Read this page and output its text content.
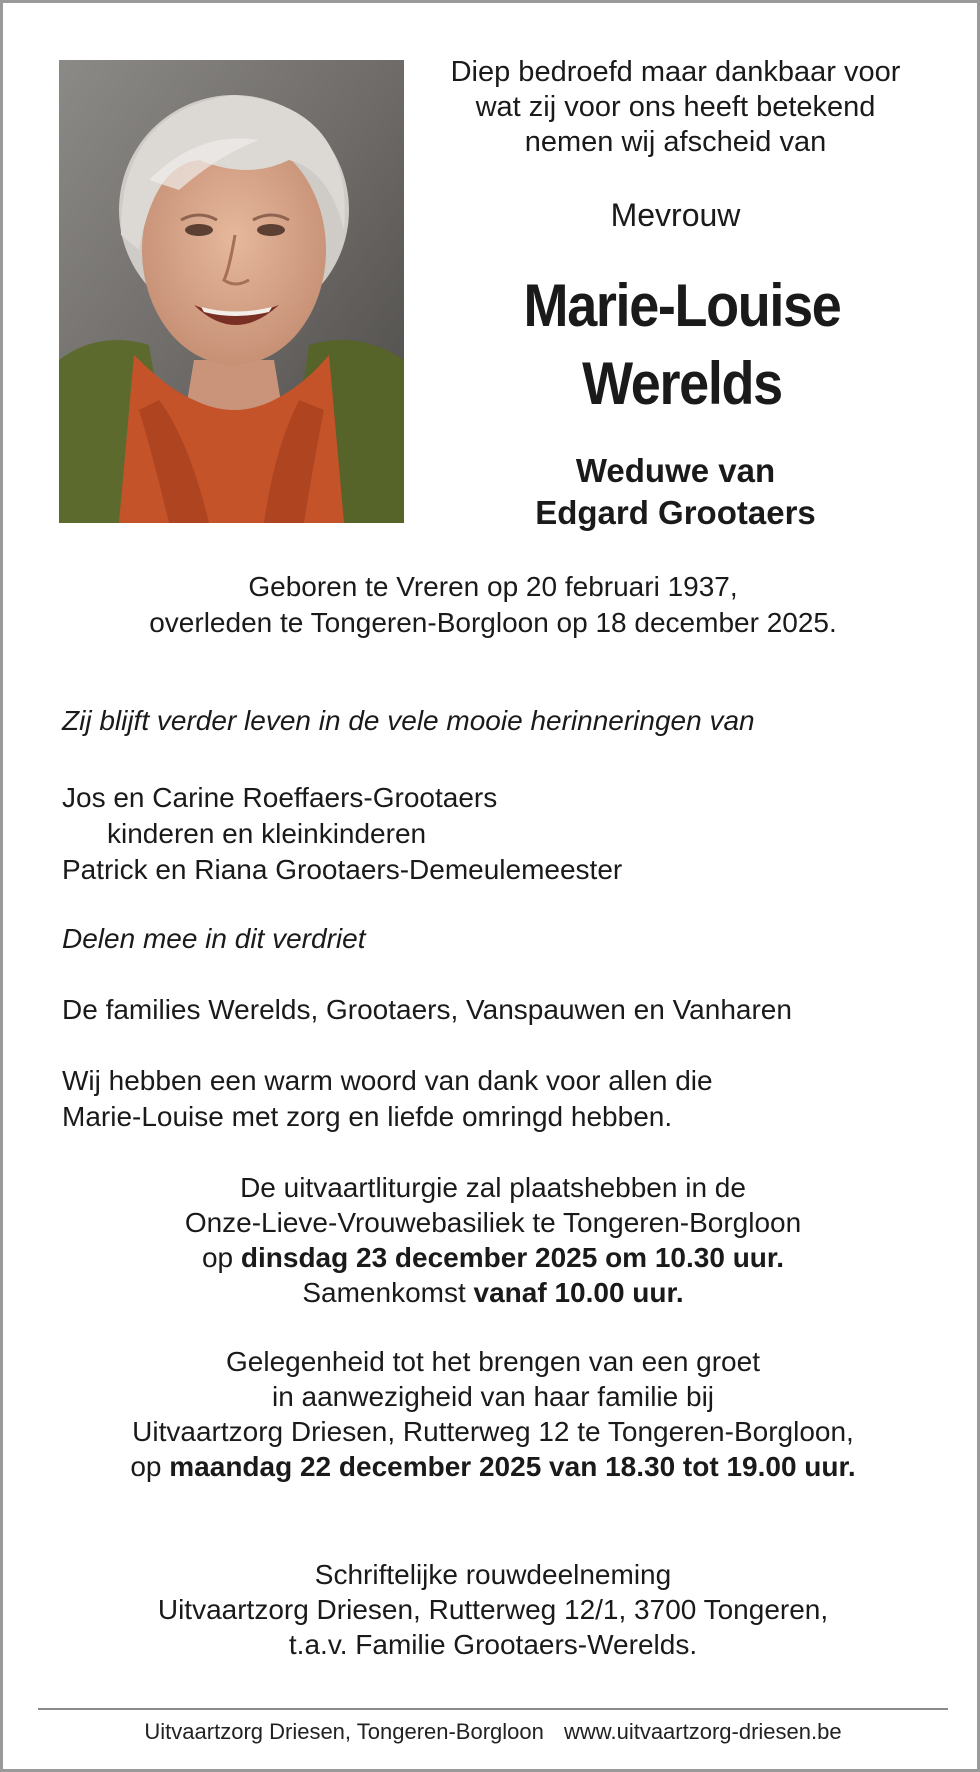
Diep bedroefd maar dankbaar voor
wat zij voor ons heeft betekend
nemen wij afscheid van
Mevrouw
Marie-Louise
Werelds
Weduwe van
Edgard Grootaers
Geboren te Vreren op 20 februari 1937,
overleden te Tongeren-Borgloon op 18 december 2025.
Zij blijft verder leven in de vele mooie herinneringen van
Jos en Carine Roeffaers-Grootaers
kinderen en kleinkinderen
Patrick en Riana Grootaers-Demeulemeester
Delen mee in dit verdriet
De families Werelds, Grootaers, Vanspauwen en Vanharen
Wij hebben een warm woord van dank voor allen die
Marie-Louise met zorg en liefde omringd hebben.
De uitvaartliturgie zal plaatshebben in de
Onze-Lieve-Vrouwebasiliek te Tongeren-Borgloon
op dinsdag 23 december 2025 om 10.30 uur.
Samenkomst vanaf 10.00 uur.
Gelegenheid tot het brengen van een groet
in aanwezigheid van haar familie bij
Uitvaartzorg Driesen, Rutterweg 12 te Tongeren-Borgloon,
op maandag 22 december 2025 van 18.30 tot 19.00 uur.
Schriftelijke rouwdeelneming
Uitvaartzorg Driesen, Rutterweg 12/1, 3700 Tongeren,
t.a.v. Familie Grootaers-Werelds.
Uitvaartzorg Driesen, Tongeren-Borgloon www.uitvaartzorg-driesen.be
